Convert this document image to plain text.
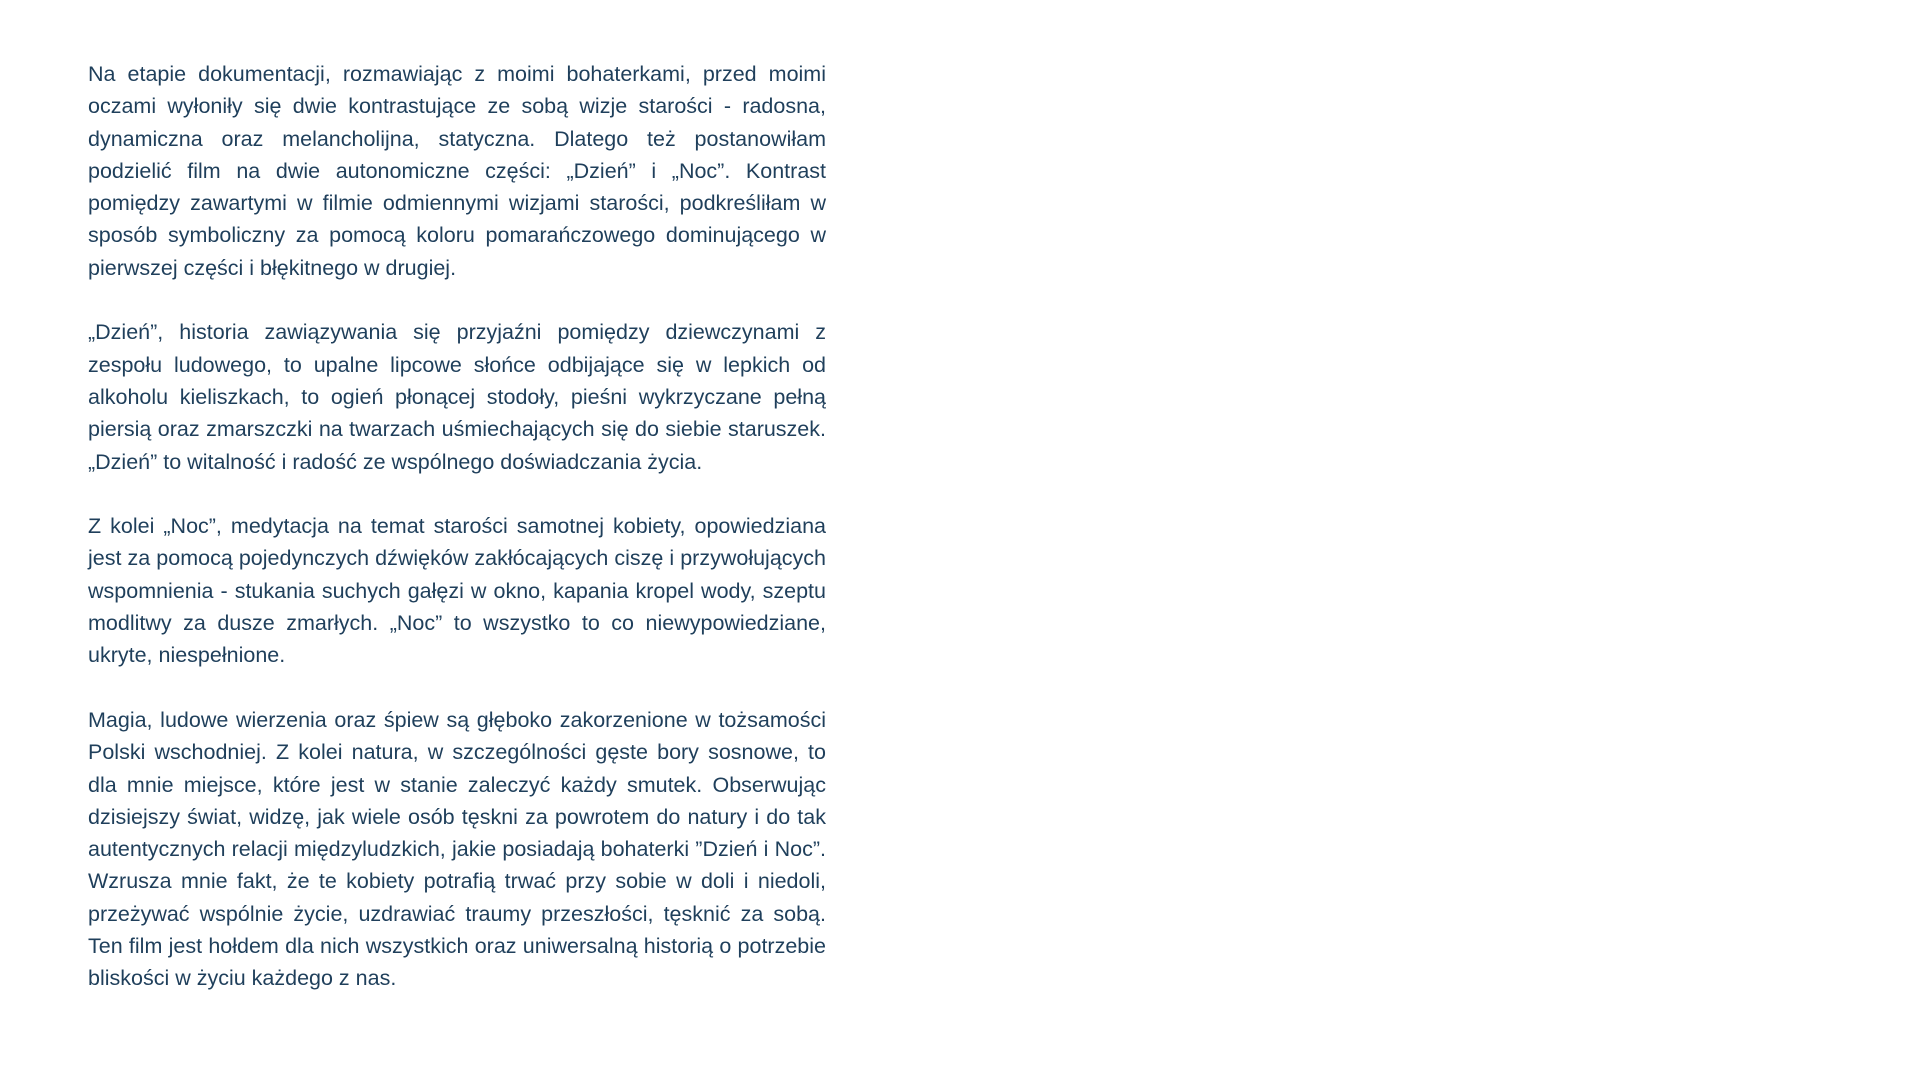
Na etapie dokumentacji, rozmawiając z moimi bohaterkami, przed moimi oczami wyłoniły się dwie kontrastujące ze sobą wizje starości - radosna, dynamiczna oraz melancholijna, statyczna. Dlatego też postanowiłam podzielić film na dwie autonomiczne części: „Dzień” i „Noc”. Kontrast pomiędzy zawartymi w filmie odmiennymi wizjami starości, podkreśliłam w sposób symboliczny za pomocą koloru pomarańczowego dominującego w pierwszej części i błękitnego w drugiej.

„Dzień”, historia zawiązywania się przyjaźni pomiędzy dziewczynami z zespołu ludowego, to upalne lipcowe słońce odbijające się w lepkich od alkoholu kieliszkach, to ogień płonącej stodoły, pieśni wykrzyczane pełną piersią oraz zmarszczki na twarzach uśmiechających się do siebie staruszek. „Dzień” to witalność i radość ze wspólnego doświadczania życia.

Z kolei „Noc”, medytacja na temat starości samotnej kobiety, opowiedziana jest za pomocą pojedynczych dźwięków zakłócających ciszę i przywołujących wspomnienia - stukania suchych gałęzi w okno, kapania kropel wody, szeptu modlitwy za dusze zmarłych. „Noc” to wszystko to co niewypowiedziane, ukryte, niespełnione.

Magia, ludowe wierzenia oraz śpiew są głęboko zakorzenione w tożsamości Polski wschodniej. Z kolei natura, w szczególności gęste bory sosnowe, to dla mnie miejsce, które jest w stanie zaleczyć każdy smutek. Obserwując dzisiejszy świat, widzę, jak wiele osób tęskni za powrotem do natury i do tak autentycznych relacji międzyludzkich, jakie posiadają bohaterki ”Dzień i Noc”. Wzrusza mnie fakt, że te kobiety potrafią trwać przy sobie w doli i niedoli, przeżywać wspólnie życie, uzdrawiać traumy przeszłości, tęsknić za sobą. Ten film jest hołdem dla nich wszystkich oraz uniwersalną historią o potrzebie bliskości w życiu każdego z nas.
